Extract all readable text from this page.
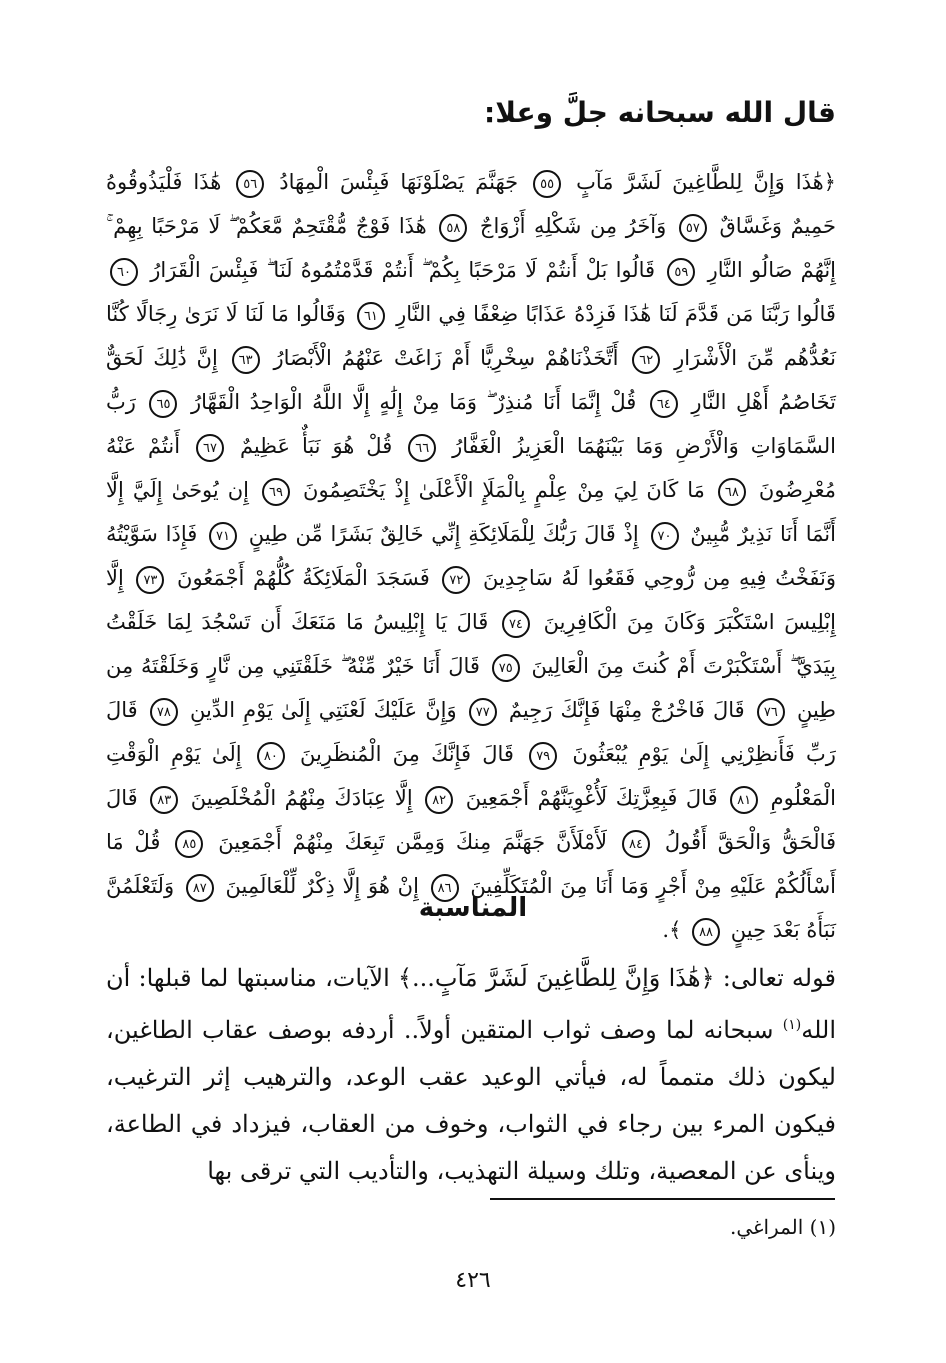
قال الله سبحانه جلَّ وعلا:

﴿هَٰذَا وَإِنَّ لِلطَّاغِينَ لَشَرَّ مَآبٍ ٥٥ جَهَنَّمَ يَصْلَوْنَهَا فَبِئْسَ الْمِهَادُ ٥٦ هَٰذَا فَلْيَذُوقُوهُ حَمِيمٌ وَغَسَّاقٌ ٥٧ وَآخَرُ مِن شَكْلِهِ أَزْوَاجٌ ٥٨ هَٰذَا فَوْجٌ مُّقْتَحِمٌ مَّعَكُمْ ۖ لَا مَرْحَبًا بِهِمْ ۚ إِنَّهُمْ صَالُو النَّارِ ٥٩ قَالُوا بَلْ أَنتُمْ لَا مَرْحَبًا بِكُمْ ۖ أَنتُمْ قَدَّمْتُمُوهُ لَنَا ۖ فَبِئْسَ الْقَرَارُ ٦٠ قَالُوا رَبَّنَا مَن قَدَّمَ لَنَا هَٰذَا فَزِدْهُ عَذَابًا ضِعْفًا فِي النَّارِ ٦١ وَقَالُوا مَا لَنَا لَا نَرَىٰ رِجَالًا كُنَّا نَعُدُّهُم مِّنَ الْأَشْرَارِ ٦٢ أَتَّخَذْنَاهُمْ سِخْرِيًّا أَمْ زَاغَتْ عَنْهُمُ الْأَبْصَارُ ٦٣ إِنَّ ذَٰلِكَ لَحَقٌّ تَخَاصُمُ أَهْلِ النَّارِ ٦٤ قُلْ إِنَّمَا أَنَا مُنذِرٌ ۖ وَمَا مِنْ إِلَٰهٍ إِلَّا اللَّهُ الْوَاحِدُ الْقَهَّارُ ٦٥ رَبُّ السَّمَاوَاتِ وَالْأَرْضِ وَمَا بَيْنَهُمَا الْعَزِيزُ الْغَفَّارُ ٦٦ قُلْ هُوَ نَبَأٌ عَظِيمٌ ٦٧ أَنتُمْ عَنْهُ مُعْرِضُونَ ٦٨ مَا كَانَ لِيَ مِنْ عِلْمٍ بِالْمَلَإِ الْأَعْلَىٰ إِذْ يَخْتَصِمُونَ ٦٩ إِن يُوحَىٰ إِلَيَّ إِلَّا أَنَّمَا أَنَا نَذِيرٌ مُّبِينٌ ٧٠ إِذْ قَالَ رَبُّكَ لِلْمَلَائِكَةِ إِنِّي خَالِقٌ بَشَرًا مِّن طِينٍ ٧١ فَإِذَا سَوَّيْتُهُ وَنَفَخْتُ فِيهِ مِن رُّوحِي فَقَعُوا لَهُ سَاجِدِينَ ٧٢ فَسَجَدَ الْمَلَائِكَةُ كُلُّهُمْ أَجْمَعُونَ ٧٣ إِلَّا إِبْلِيسَ اسْتَكْبَرَ وَكَانَ مِنَ الْكَافِرِينَ ٧٤ قَالَ يَا إِبْلِيسُ مَا مَنَعَكَ أَن تَسْجُدَ لِمَا خَلَقْتُ بِيَدَيَّ ۖ أَسْتَكْبَرْتَ أَمْ كُنتَ مِنَ الْعَالِينَ ٧٥ قَالَ أَنَا خَيْرٌ مِّنْهُ ۖ خَلَقْتَنِي مِن نَّارٍ وَخَلَقْتَهُ مِن طِينٍ ٧٦ قَالَ فَاخْرُجْ مِنْهَا فَإِنَّكَ رَجِيمٌ ٧٧ وَإِنَّ عَلَيْكَ لَعْنَتِي إِلَىٰ يَوْمِ الدِّينِ ٧٨ قَالَ رَبِّ فَأَنظِرْنِي إِلَىٰ يَوْمِ يُبْعَثُونَ ٧٩ قَالَ فَإِنَّكَ مِنَ الْمُنظَرِينَ ٨٠ إِلَىٰ يَوْمِ الْوَقْتِ الْمَعْلُومِ ٨١ قَالَ فَبِعِزَّتِكَ لَأُغْوِيَنَّهُمْ أَجْمَعِينَ ٨٢ إِلَّا عِبَادَكَ مِنْهُمُ الْمُخْلَصِينَ ٨٣ قَالَ فَالْحَقُّ وَالْحَقَّ أَقُولُ ٨٤ لَأَمْلَأَنَّ جَهَنَّمَ مِنكَ وَمِمَّن تَبِعَكَ مِنْهُمْ أَجْمَعِينَ ٨٥ قُلْ مَا أَسْأَلُكُمْ عَلَيْهِ مِنْ أَجْرٍ وَمَا أَنَا مِنَ الْمُتَكَلِّفِينَ ٨٦ إِنْ هُوَ إِلَّا ذِكْرٌ لِّلْعَالَمِينَ ٨٧ وَلَتَعْلَمُنَّ نَبَأَهُ بَعْدَ حِينٍ ٨٨ ﴾.

المناسبة

قوله تعالى: ﴿هَٰذَا وَإِنَّ لِلطَّاغِينَ لَشَرَّ مَآبٍ...﴾ الآيات، مناسبتها لما قبلها: أن الله$^{(١)}$ سبحانه لما وصف ثواب المتقين أولاً.. أردفه بوصف عقاب الطاغين، ليكون ذلك متمماً له، فيأتي الوعيد عقب الوعد، والترهيب إثر الترغيب، فيكون المرء بين رجاء في الثواب، وخوف من العقاب، فيزداد في الطاعة، وينأى عن المعصية، وتلك وسيلة التهذيب، والتأديب التي ترقى بها

(١) المراغي.

٤٢٦
